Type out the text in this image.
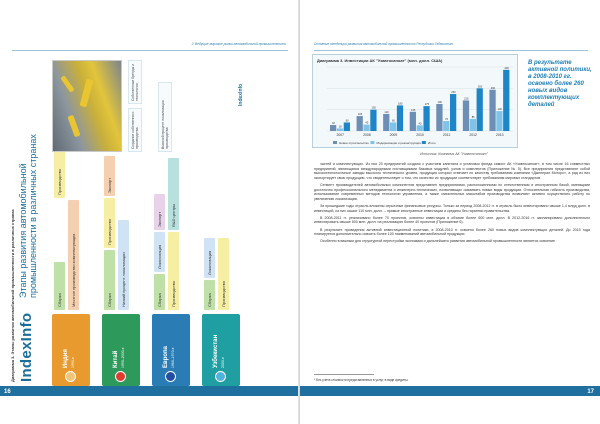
2. Ведущие мировые рынки автомобильной промышленности
Диаграмма 3. Этапы развития автомобильной промышленности в различных странах IndexInfo
Этапы развития автомобильной промышленности в различных странах
Индия 1990-е
Сборка	Местное производство комплектующих
Производство
Китай 1990–2000-е
Сборка	Низкий процент локализации
Производство
Экспорт
Европа 1960–1970-е
Сборка
Локализация
Производство
Экспорт	R&D центры
Узбекистан 2000-е
Сборка
Локализация
Производство
Создание собственного производства
Собственные бренды и технологии
Высокий процент локализации производства
IndexInfo
16
Основные тенденции развития автомобильной промышленности Республики Узбекистан
Диаграмма 3. Инвестиции АК "Узавтосаноат" (млн. долл. США)
42
18
60
2007
105
45
150
2008
120
60
180
2009
135
40
175
2010
190
70
260
2011
215
85
300
2012
290
140
430
2013
Новое строительство	Модернизация и реконструкция Итого
Источник: Компания АК "Узавтосаноат"
В результате активной политики, в 2008-2010 гг. освоено более 260 новых видов комплектующих деталей

частей и комплектующих. Из них 20 предприятий создано с участием капитала и установок фонда самого АК «Узавтосаноат», в том числе 16 совместных предприятий, являющихся международными поставщиками базовых модулей, узлов и комплектов (Приложение № 5). Все предприятия представляют собой высокотехнологичные заводы высокого технического уровня, продукция которых отвечает по качеству требованиям компании «Дженерал Моторс», а ряд из них экспортирует свою продукцию, что свидетельствует о том, что качество их продукции соответствует требованиям мировых стандартов.

Сегмент производителей автомобильных компонентов представлен предприятиями, расположенными по отечественным и иностранным базой, имеющими достаточно профессионального менеджмента и инженерно-технических, позволяющих осваивать новые виды продукции. Относительная гибкость производства, использование современных методов технологии управления, а также значительных масштабов производства позволяют активно осуществлять работу по увеличению локализации.

За прошедшие годы отрасль вложены серьезные финансовые ресурсы. Только за период 2008-2012 гг. в отрасль было инвестировано свыше 1,4 млрд долл. в инвестиций, из них сьшие 110 млн. долл. – прямые иностранные инвестиции и кредиты без гарантии правительства.

В 2008-2011 гг. реализовано более 70 проектов, освоены инвестиции в объеме более 600 млн. долл. В 2012-2016 гг. запланировано дополнительно инвестировать свыше 500 млн. долл. на реализацию более 40 проектов (Приложение 6).

В результате проведения активной инвестиционной политики, в 2008-2010 гг. освоено более 260 новых видов комплектующих деталей. До 2015 года планируется дополнительно освоить более 100 наименований автомобильной продукции.

Особенно в важным для структурной перестройки экономики и дальнейшего развития автомобильной промышленности является освоение

* Без учета стоимости представленных в услуг, в виде кредиты.
17
